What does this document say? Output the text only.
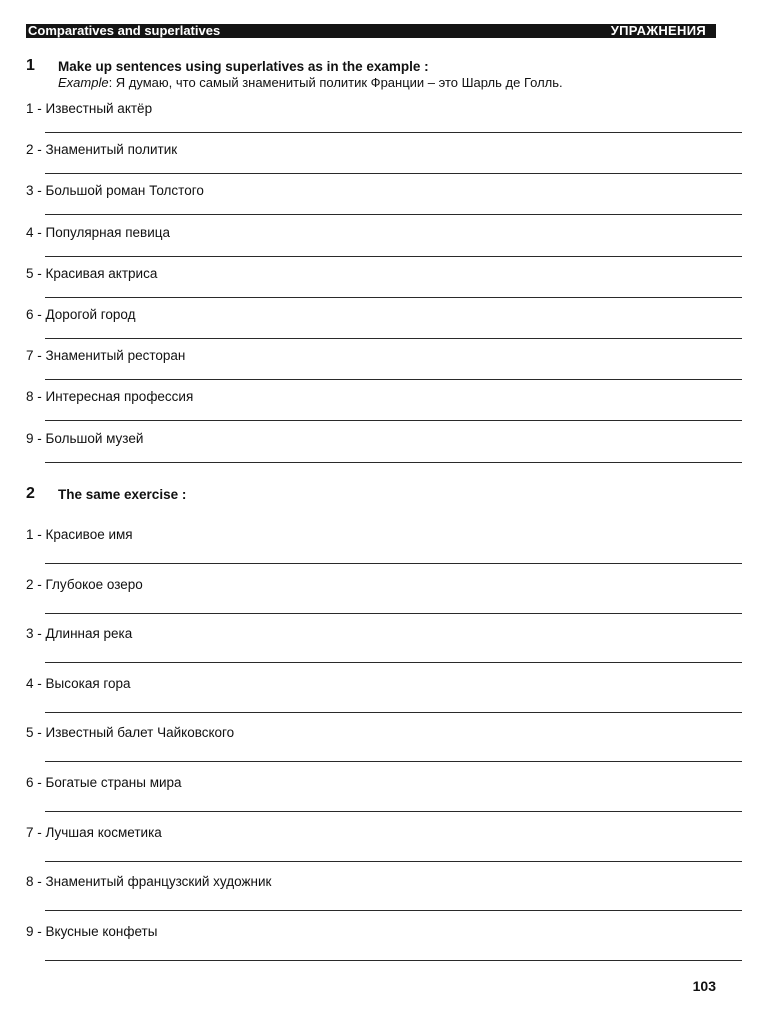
Comparatives and superlatives	УПРАЖНЕНИЯ
1 Make up sentences using superlatives as in the example :
Example: Я думаю, что самый знаменитый политик Франции – это Шарль де Голль.
1 - Известный актёр
2 - Знаменитый политик
3 - Большой роман Толстого
4 - Популярная певица
5 - Красивая актриса
6 - Дорогой город
7 - Знаменитый ресторан
8 - Интересная профессия
9 - Большой музей
2 The same exercise :
1 - Красивое имя
2 - Глубокое озеро
3 - Длинная река
4 - Высокая гора
5 - Известный балет Чайковского
6 - Богатые страны мира
7 - Лучшая косметика
8 - Знаменитый французский художник
9 - Вкусные конфеты
103
